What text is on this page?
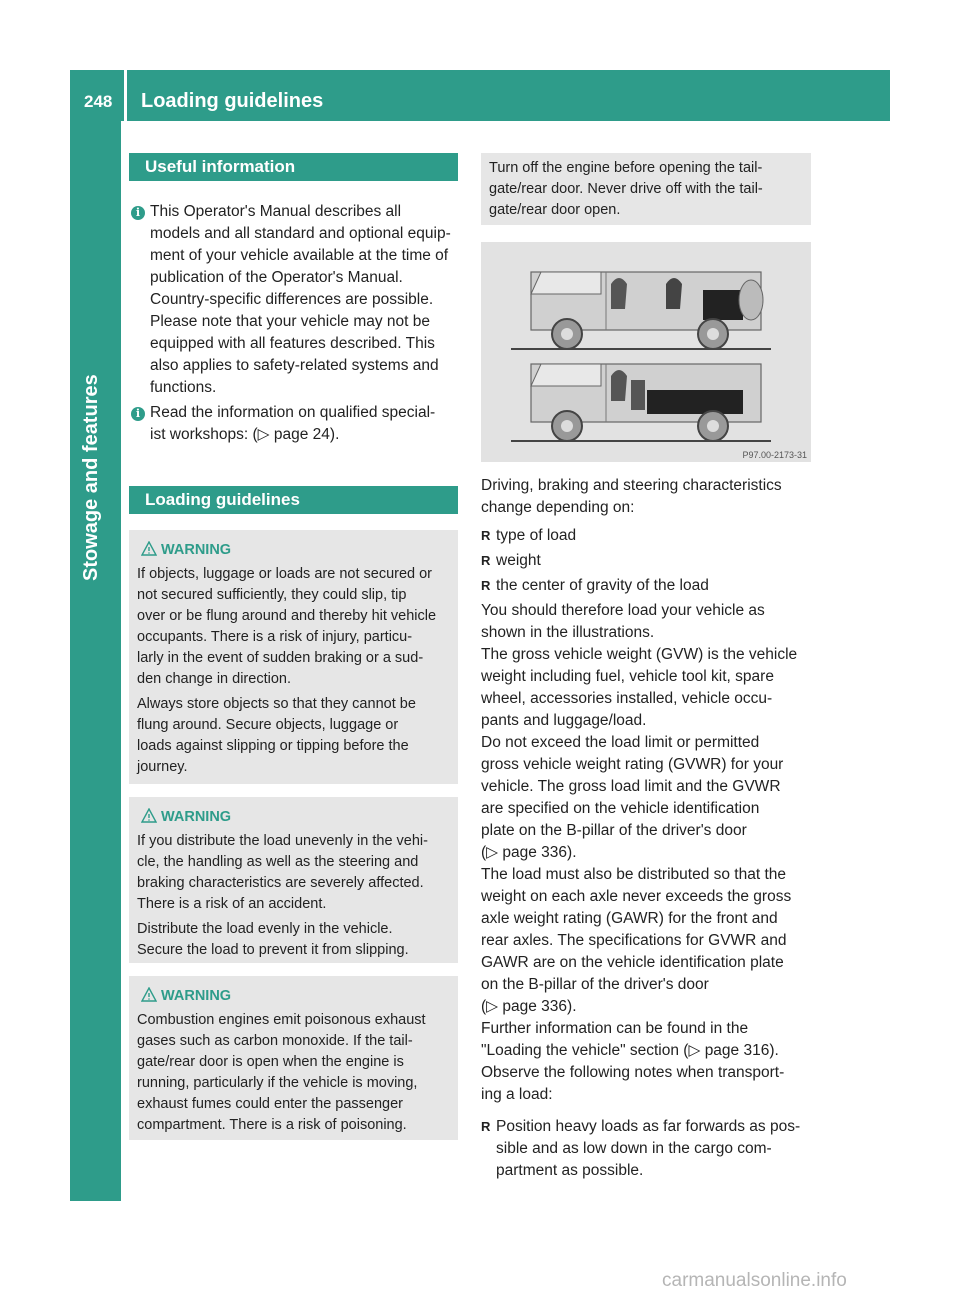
248 Loading guidelines
Stowage and features
Useful information
i This Operator's Manual describes all
models and all standard and optional equip-
ment of your vehicle available at the time of
publication of the Operator's Manual.
Country-specific differences are possible.
Please note that your vehicle may not be
equipped with all features described. This
also applies to safety-related systems and
functions.
i Read the information on qualified special-
ist workshops: (▷ page 24).
Loading guidelines
WARNING

If objects, luggage or loads are not secured or
not secured sufficiently, they could slip, tip
over or be flung around and thereby hit vehicle
occupants. There is a risk of injury, particu-
larly in the event of sudden braking or a sud-
den change in direction.

Always store objects so that they cannot be
flung around. Secure objects, luggage or
loads against slipping or tipping before the
journey.

WARNING

If you distribute the load unevenly in the vehi-
cle, the handling as well as the steering and
braking characteristics are severely affected.
There is a risk of an accident.

Distribute the load evenly in the vehicle.
Secure the load to prevent it from slipping.

WARNING

Combustion engines emit poisonous exhaust
gases such as carbon monoxide. If the tail-
gate/rear door is open when the engine is
running, particularly if the vehicle is moving,
exhaust fumes could enter the passenger
compartment. There is a risk of poisoning.

Turn off the engine before opening the tail-
gate/rear door. Never drive off with the tail-
gate/rear door open.
P97.00-2173-31
Driving, braking and steering characteristics
change depending on:
R type of load
R weight
R the center of gravity of the load
You should therefore load your vehicle as
shown in the illustrations.
The gross vehicle weight (GVW) is the vehicle
weight including fuel, vehicle tool kit, spare
wheel, accessories installed, vehicle occu-
pants and luggage/load.
Do not exceed the load limit or permitted
gross vehicle weight rating (GVWR) for your
vehicle. The gross load limit and the GVWR
are specified on the vehicle identification
plate on the B-pillar of the driver's door
(▷ page 336).
The load must also be distributed so that the
weight on each axle never exceeds the gross
axle weight rating (GAWR) for the front and
rear axles. The specifications for GVWR and
GAWR are on the vehicle identification plate
on the B-pillar of the driver's door
(▷ page 336).
Further information can be found in the
"Loading the vehicle" section (▷ page 316).
Observe the following notes when transport-
ing a load:
R Position heavy loads as far forwards as pos-
sible and as low down in the cargo com-
partment as possible.
carmanualsonline.info
